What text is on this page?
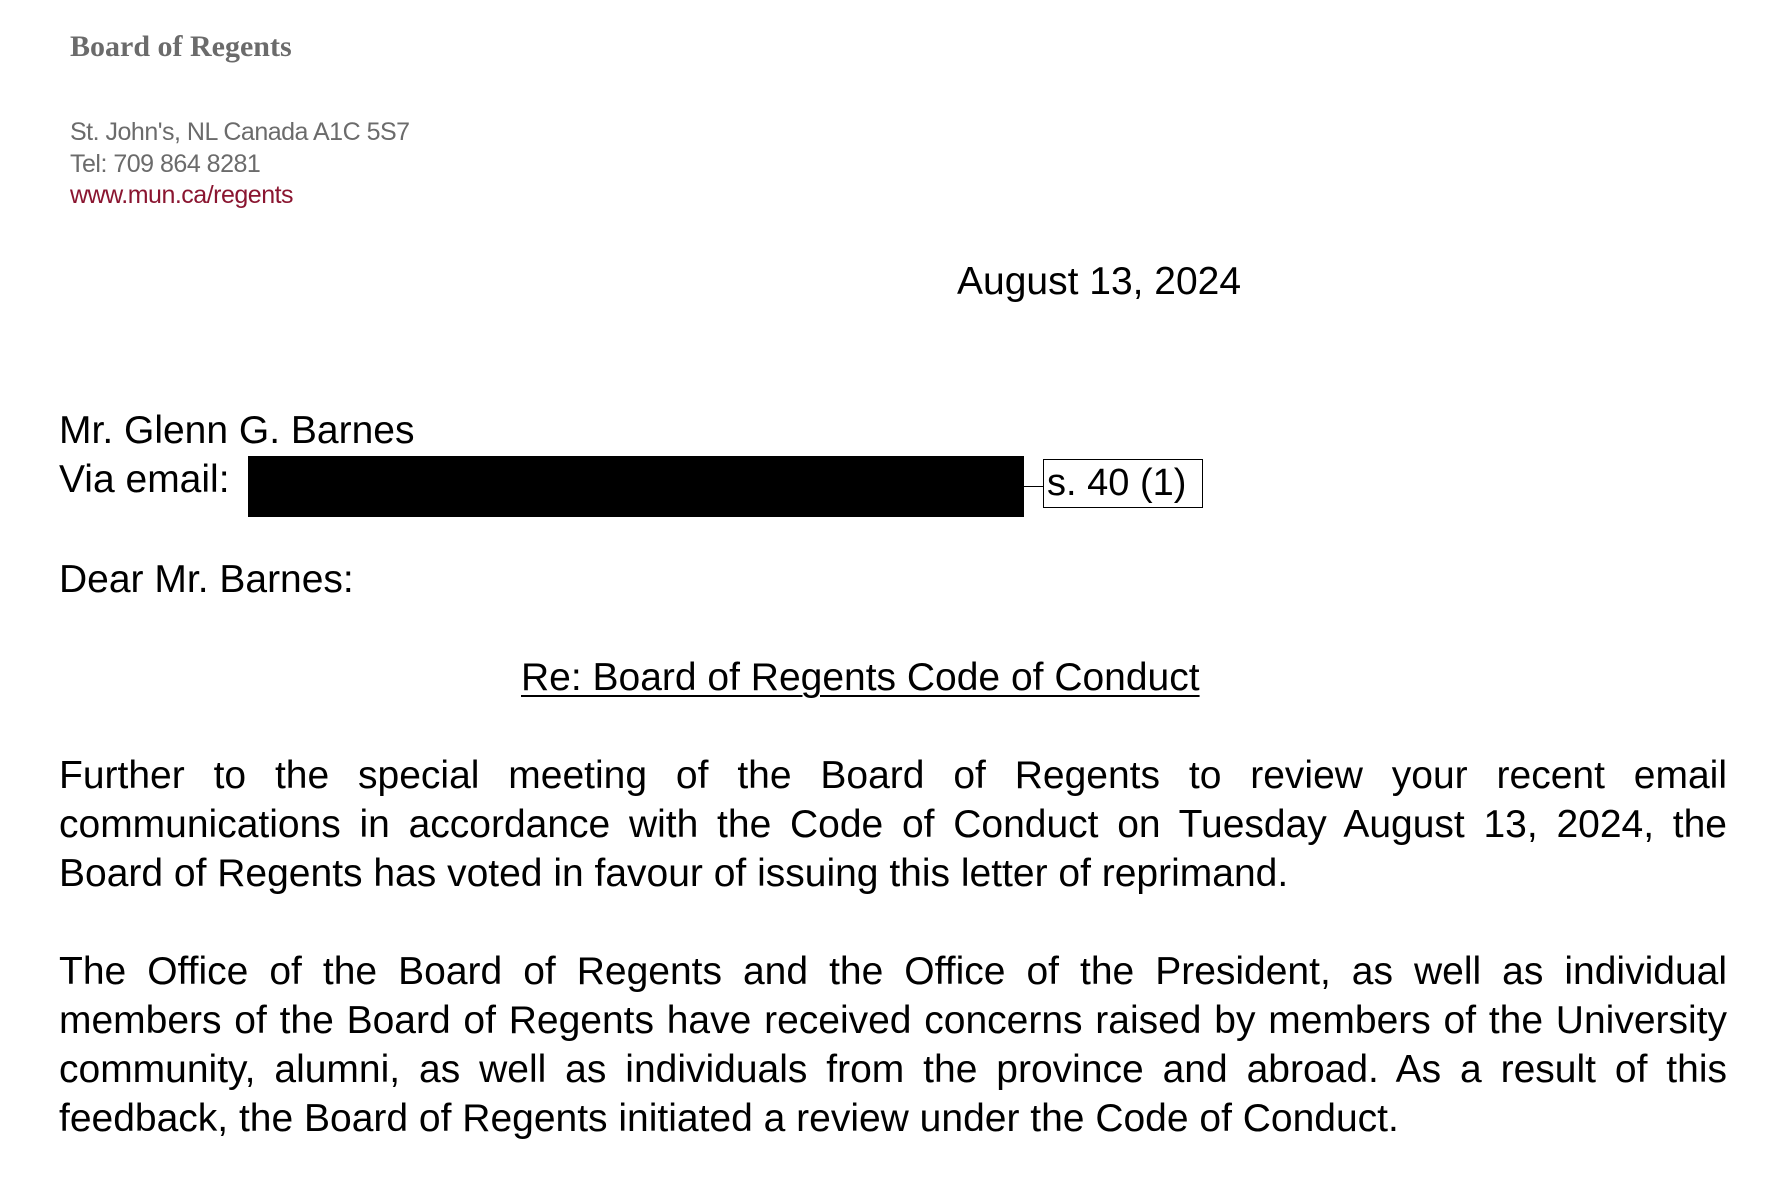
Board of Regents
St. John's, NL Canada A1C 5S7
Tel: 709 864 8281
www.mun.ca/regents
August 13, 2024
Mr. Glenn G. Barnes
Via email:	s. 40 (1)
Dear Mr. Barnes:
Re: Board of Regents Code of Conduct

Further to the special meeting of the Board of Regents to review your recent email communications in accordance with the Code of Conduct on Tuesday August 13, 2024, the Board of Regents has voted in favour of issuing this letter of reprimand.

The Office of the Board of Regents and the Office of the President, as well as individual members of the Board of Regents have received concerns raised by members of the University community, alumni, as well as individuals from the province and abroad. As a result of this feedback, the Board of Regents initiated a review under the Code of Conduct.
